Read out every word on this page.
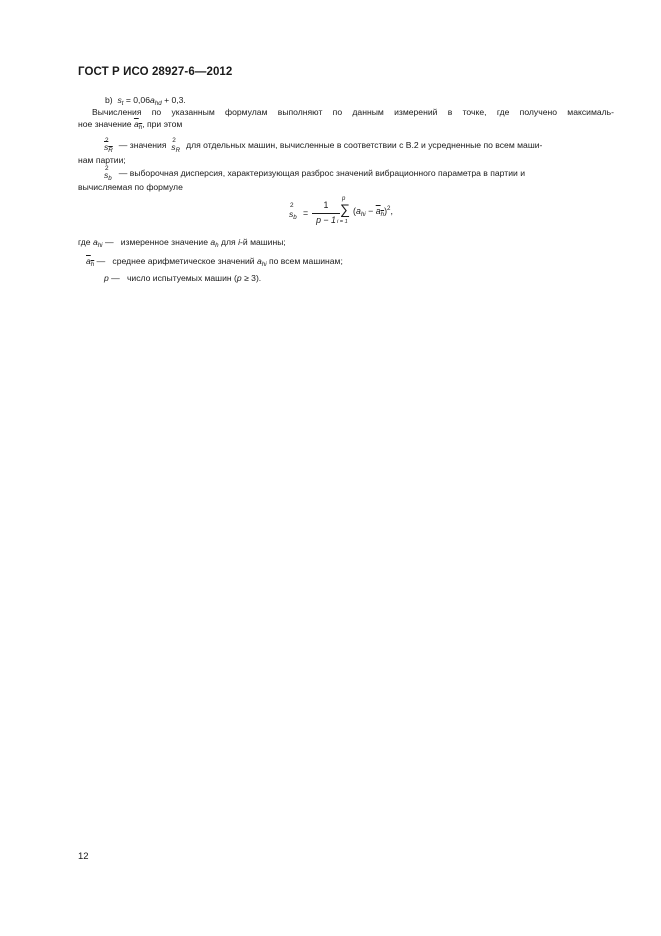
ГОСТ Р ИСО 28927-6—2012
b) $s_t = 0,06a_{hd} + 0,3$.
Вычисления по указанным формулам выполняют по данным измерений в точке, где получено максималь-
ное значение $a_h$, при этом
2
$s_R$
— значения 2
$s_R$
для отдельных машин, вычисленные в соответствии с В.2 и усредненные по всем маши-
нам партии;
2
$s_b$
— выборочная дисперсия, характеризующая разброс значений вибрационного параметра в партии и
вычисляемая по формуле
2
$s_b$ =
1
p − 1
p
∑
i = 1
$(a_{hi} - a_h)^2$,
где $a_{hi}$ — измеренное значение $a_h$ для i-й машины;
$a_h$ — среднее арифметическое значений $a_{hi}$ по всем машинам;
p — число испытуемых машин (p ≥ 3).
12
